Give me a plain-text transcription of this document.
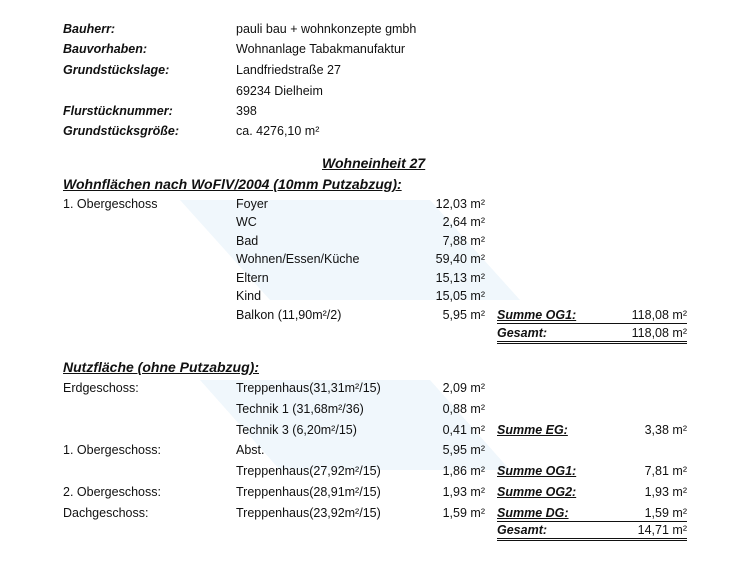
Bauherr:	pauli bau + wohnkonzepte gmbh
Bauvorhaben:	Wohnanlage Tabakmanufaktur
Grundstückslage:	Landfriedstraße 27
69234 Dielheim
Flurstücknummer:	398
Grundstücksgröße:	ca. 4276,10 m²
Wohneinheit 27
Wohnflächen nach WoFlV/2004 (10mm Putzabzug):
1. Obergeschoss	Foyer	12,03 m²
WC	2,64 m²
Bad	7,88 m²
Wohnen/Essen/Küche	59,40 m²
Eltern	15,13 m²
Kind	15,05 m²
Balkon (11,90m²/2)	5,95 m² Summe OG1:	118,08 m²
Gesamt:	118,08 m²
Nutzfläche (ohne Putzabzug):
Erdgeschoss:	Treppenhaus(31,31m²/15)	2,09 m²
Technik 1 (31,68m²/36)	0,88 m²
Technik 3 (6,20m²/15)	0,41 m² Summe EG:	3,38 m²
1. Obergeschoss:	Abst.	5,95 m²
Treppenhaus(27,92m²/15)	1,86 m² Summe OG1:	7,81 m²
2. Obergeschoss:	Treppenhaus(28,91m²/15)	1,93 m² Summe OG2:	1,93 m²
Dachgeschoss:	Treppenhaus(23,92m²/15)	1,59 m² Summe DG:	1,59 m²
Gesamt:	14,71 m²
